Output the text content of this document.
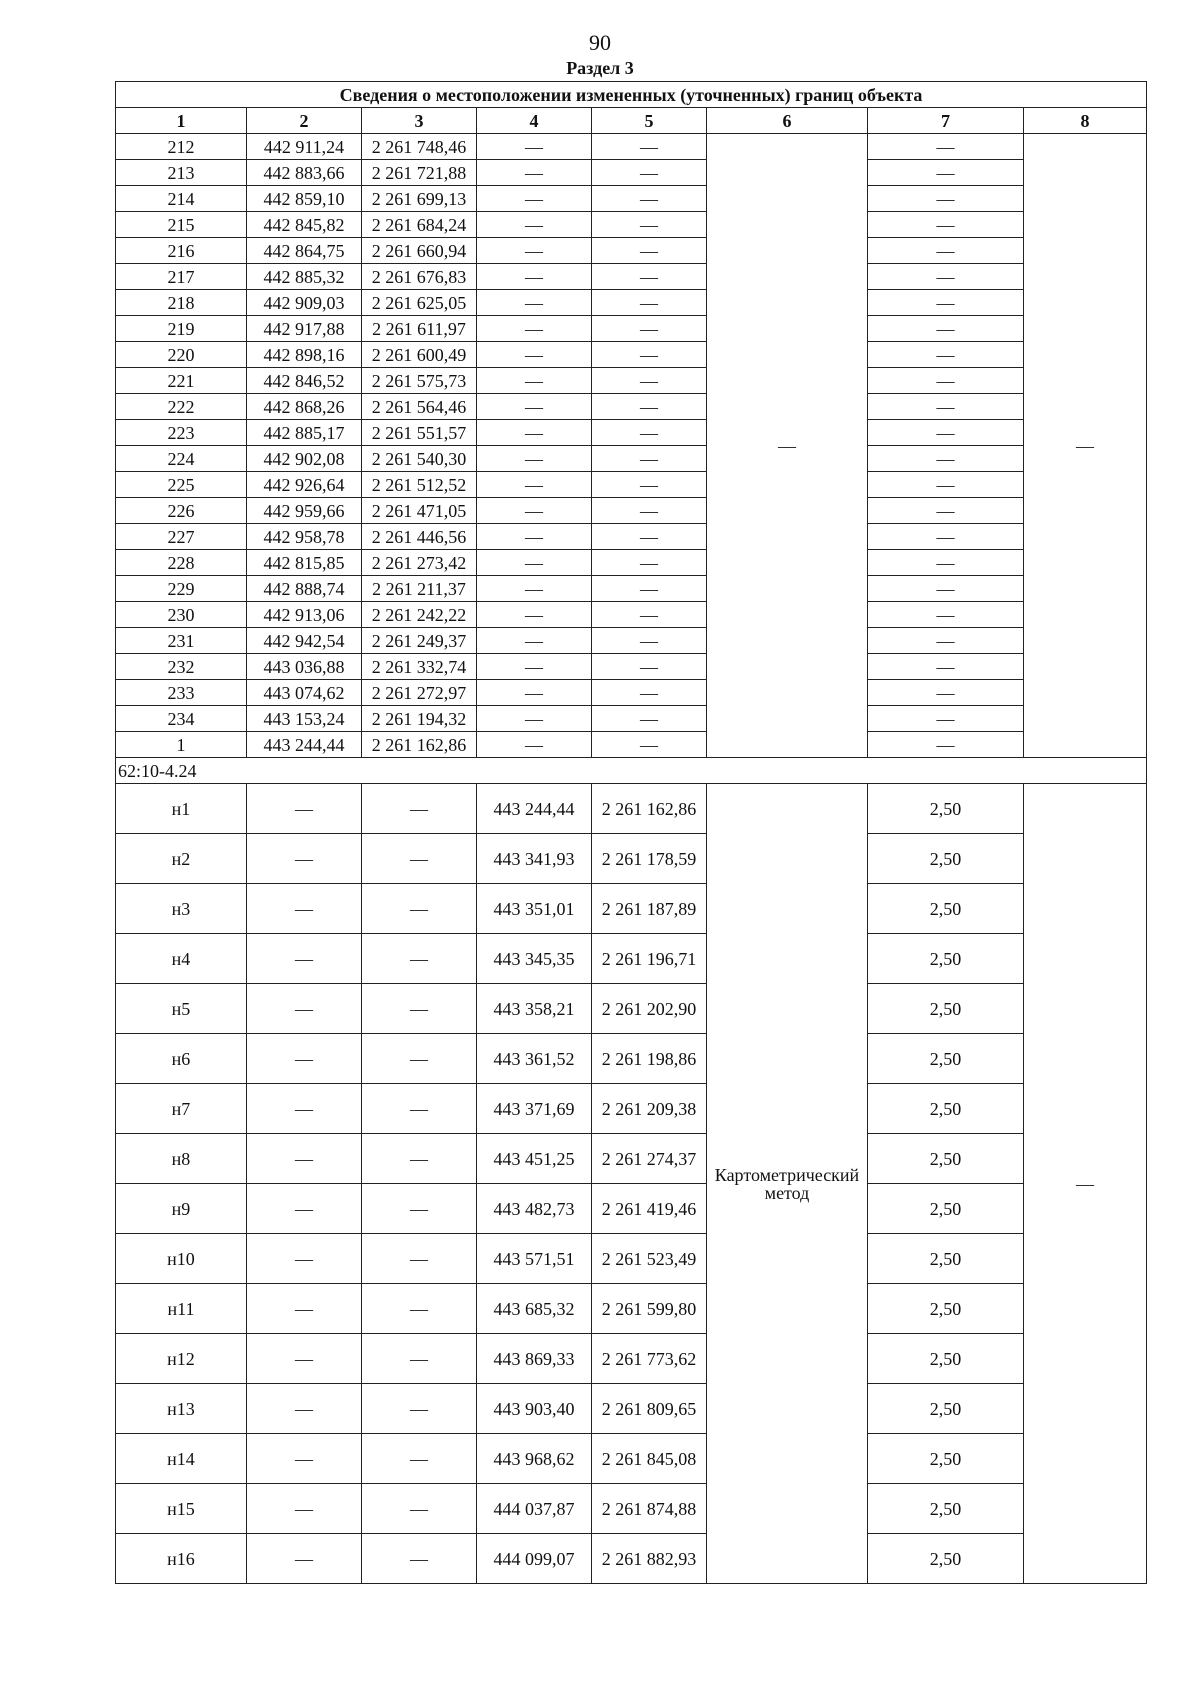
90
Раздел 3
Сведения о местоположении измененных (уточненных) границ объекта							
1	2	3	4	5	6	7	8
212	442 911,24	2 261 748,46	—	—	—	—	—
213	442 883,66	2 261 721,88	—	—		—	
214	442 859,10	2 261 699,13	—	—		—	
215	442 845,82	2 261 684,24	—	—		—	
216	442 864,75	2 261 660,94	—	—		—	
217	442 885,32	2 261 676,83	—	—		—	
218	442 909,03	2 261 625,05	—	—		—	
219	442 917,88	2 261 611,97	—	—		—	
220	442 898,16	2 261 600,49	—	—		—	
221	442 846,52	2 261 575,73	—	—		—	
222	442 868,26	2 261 564,46	—	—		—	
223	442 885,17	2 261 551,57	—	—		—	
224	442 902,08	2 261 540,30	—	—		—	
225	442 926,64	2 261 512,52	—	—		—	
226	442 959,66	2 261 471,05	—	—		—	
227	442 958,78	2 261 446,56	—	—		—	
228	442 815,85	2 261 273,42	—	—		—	
229	442 888,74	2 261 211,37	—	—		—	
230	442 913,06	2 261 242,22	—	—		—	
231	442 942,54	2 261 249,37	—	—		—	
232	443 036,88	2 261 332,74	—	—		—	
233	443 074,62	2 261 272,97	—	—		—	
234	443 153,24	2 261 194,32	—	—		—	
1	443 244,44	2 261 162,86	—	—		—	
62:10-4.24							
н1	—	—	443 244,44	2 261 162,86	Картометрический метод	2,50	—
н2	—	—	443 341,93	2 261 178,59		2,50	
н3	—	—	443 351,01	2 261 187,89		2,50	
н4	—	—	443 345,35	2 261 196,71		2,50	
н5	—	—	443 358,21	2 261 202,90		2,50	
н6	—	—	443 361,52	2 261 198,86		2,50	
н7	—	—	443 371,69	2 261 209,38		2,50	
н8	—	—	443 451,25	2 261 274,37		2,50	
н9	—	—	443 482,73	2 261 419,46		2,50	
н10	—	—	443 571,51	2 261 523,49		2,50	
н11	—	—	443 685,32	2 261 599,80		2,50	
н12	—	—	443 869,33	2 261 773,62		2,50	
н13	—	—	443 903,40	2 261 809,65		2,50	
н14	—	—	443 968,62	2 261 845,08		2,50	
н15	—	—	444 037,87	2 261 874,88		2,50	
н16	—	—	444 099,07	2 261 882,93		2,50	
